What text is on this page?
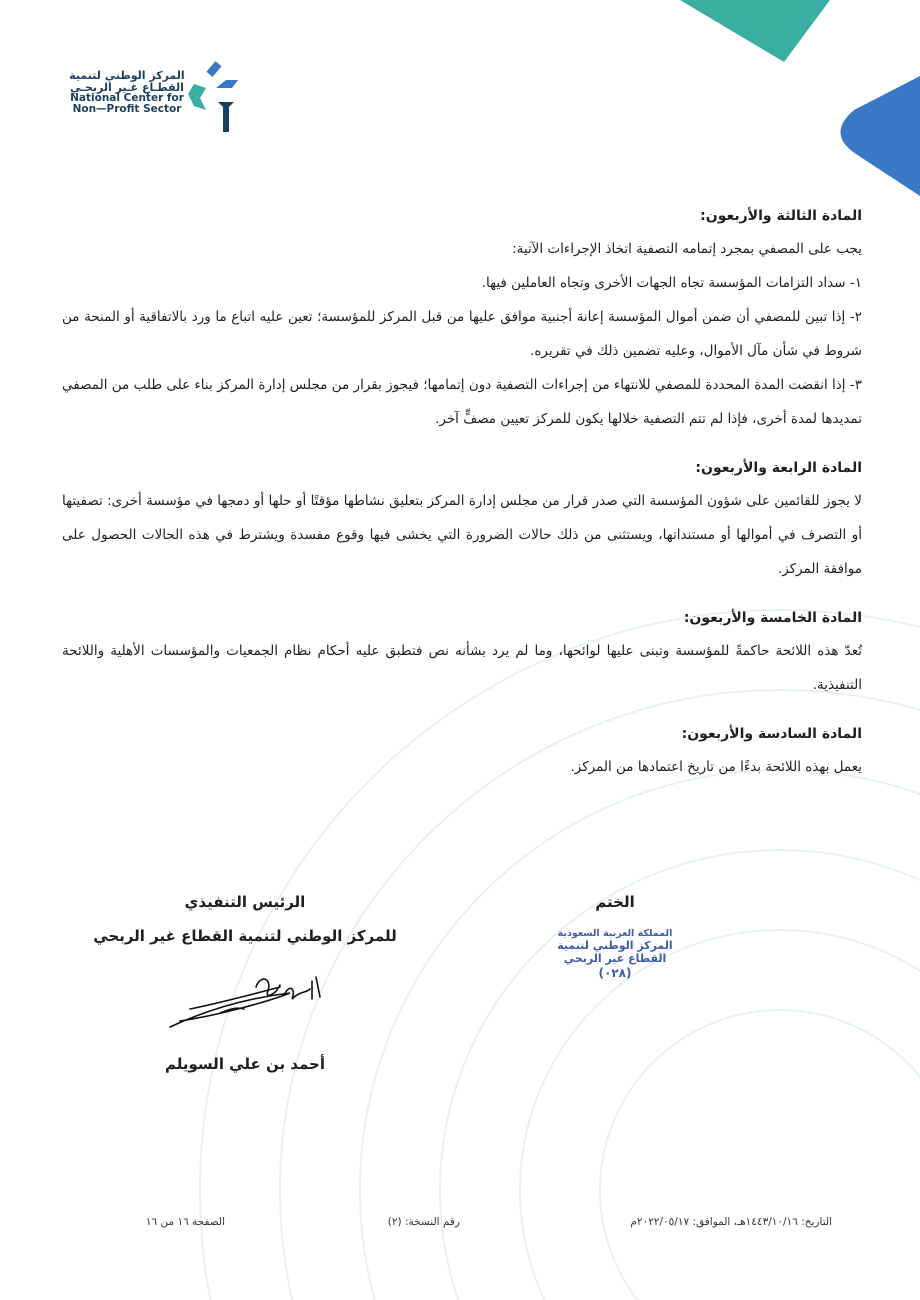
المركز الوطني لتنمية
القطـاع غـير الربحـي
National Center for
Non—Profit Sector
المادة الثالثة والأربعون:
يجب على المصفي بمجرد إتمامه التصفية اتخاذ الإجراءات الآتية:
١- سداد التزامات المؤسسة تجاه الجهات الأخرى وتجاه العاملين فيها.
٢- إذا تبين للمصفي أن ضمن أموال المؤسسة إعانة أجنبية موافق عليها من قبل المركز للمؤسسة؛ تعين عليه اتباع ما ورد بالاتفاقية أو المنحة من شروط في شأن مآل الأموال، وعليه تضمين ذلك في تقريره.
٣- إذا انقضت المدة المحددة للمصفي للانتهاء من إجراءات التصفية دون إتمامها؛ فيجوز بقرار من مجلس إدارة المركز بناء على طلب من المصفي تمديدها لمدة أخرى، فإذا لم تتم التصفية خلالها يكون للمركز تعيين مصفٍّ آخر.
المادة الرابعة والأربعون:
لا يجوز للقائمين على شؤون المؤسسة التي صدر قرار من مجلس إدارة المركز بتعليق نشاطها مؤقتًا أو حلها أو دمجها في مؤسسة أخرى: تصفيتها أو التصرف في أموالها أو مستنداتها، ويستثنى من ذلك حالات الضرورة التي يخشى فيها وقوع مفسدة ويشترط في هذه الحالات الحصول على موافقة المركز.
المادة الخامسة والأربعون:
تُعدّ هذه اللائحة حاكمةً للمؤسسة وتبنى عليها لوائحها، وما لم يرد بشأنه نص فتطبق عليه أحكام نظام الجمعيات والمؤسسات الأهلية واللائحة التنفيذية.
المادة السادسة والأربعون:
يعمل بهذه اللائحة بدءًا من تاريخ اعتمادها من المركز.
الرئيس التنفيذي
للمركز الوطني لتنمية القطاع غير الربحي
أحمد بن علي السويلم
الختم
المملكة العربية السعودية
المركز الوطني لتنمية
القطاع غير الربحي
(٠٢٨)
التاريخ: ١٤٤٣/١٠/١٦هـ، الموافق: ٢٠٢٢/٠٥/١٧م
رقم النسخة: (٢)
الصفحة ١٦ من ١٦
